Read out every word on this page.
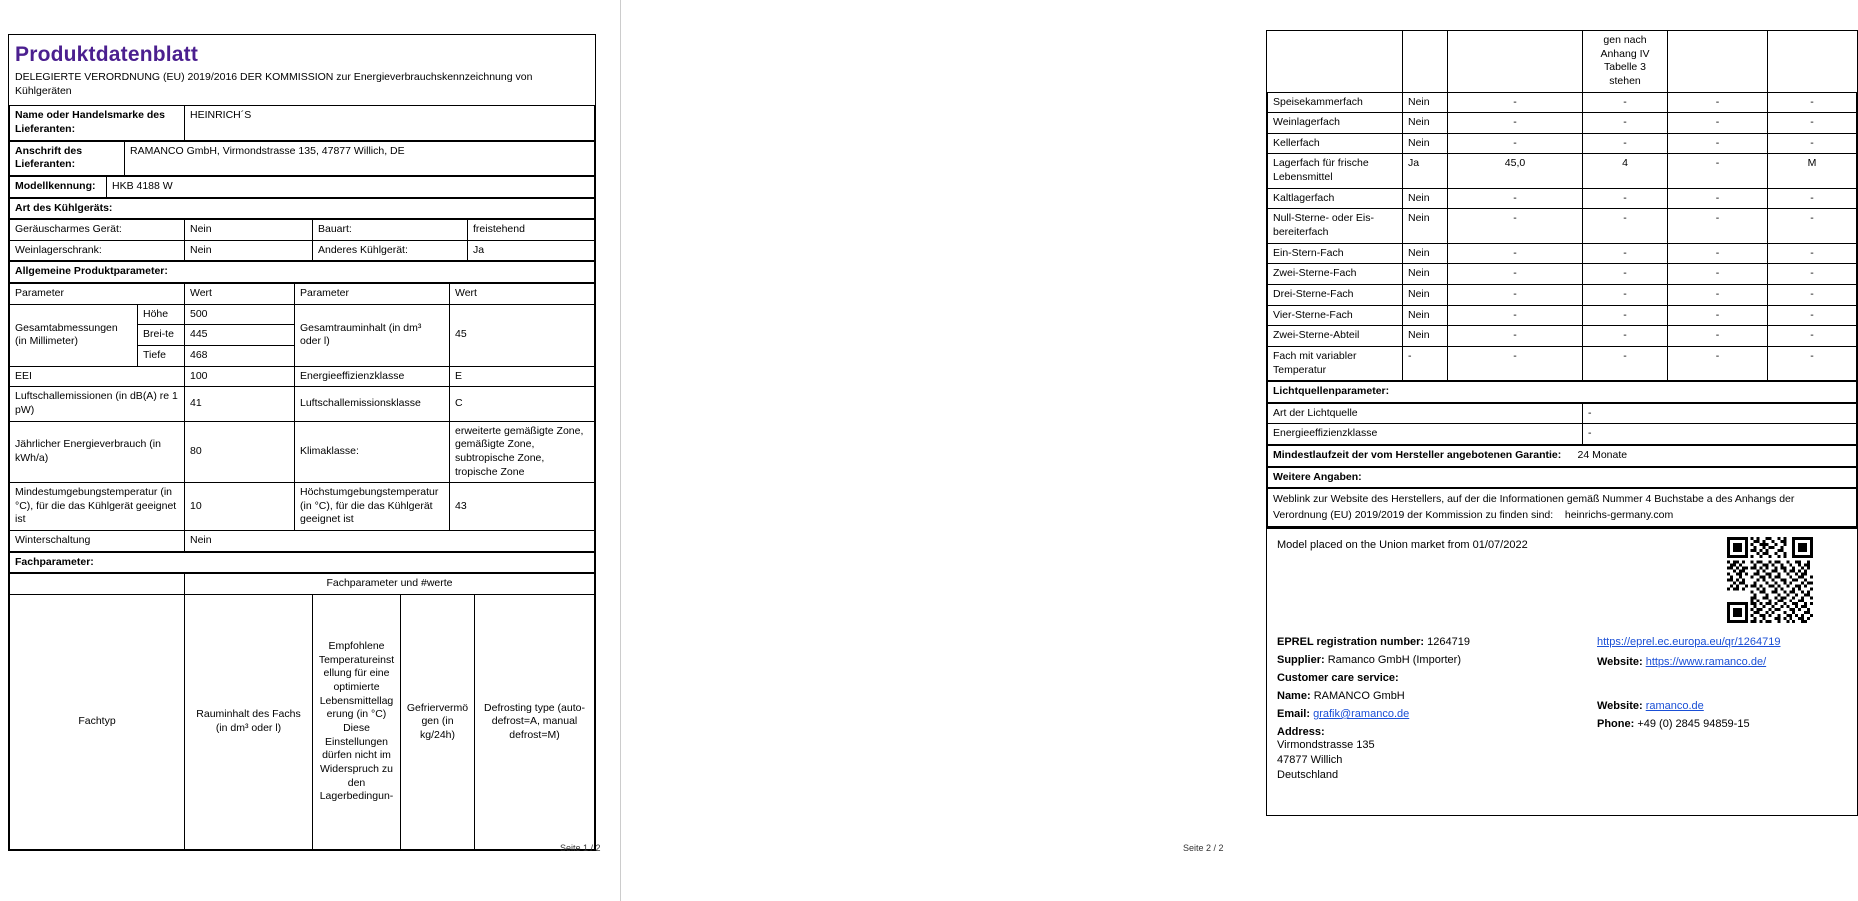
Produktdatenblatt
DELEGIERTE VERORDNUNG (EU) 2019/2016 DER KOMMISSION zur Energieverbrauchskennzeichnung von Kühlgeräten
Name oder Handelsmarke des Lieferanten:	HEINRICH´S
Anschrift des Lieferanten:	RAMANCO GmbH, Virmondstrasse 135, 47877 Willich, DE
Modellkennung:	HKB 4188 W
Art des Kühlgeräts:
Geräuscharmes Gerät:	Nein	Bauart:	freistehend
Weinlagerschrank:	Nein	Anderes Kühlgerät:	Ja
Allgemeine Produktparameter:
Parameter		Wert	Parameter	Wert
Gesamtabmessungen (in Millimeter)	Höhe	500	Gesamtrauminhalt (in dm³ oder l)	45
	Brei-te	445		
	Tiefe	468		
EEI		100	Energieeffizienzklasse	E
Luftschallemissionen (in dB(A) re 1 pW)		41	Luftschallemissionsklasse	C
Jährlicher Energieverbrauch (in kWh/a)		80	Klimaklasse:	erweiterte gemäßigte Zone, gemäßigte Zone, subtropische Zone, tropische Zone
Mindestumgebungstemperatur (in °C), für die das Kühlgerät geeignet ist		10	Höchstumgebungstemperatur (in °C), für die das Kühlgerät geeignet ist	43
Winterschaltung		Nein		
Fachparameter:
	Fachparameter und #werte			
Fachtyp	Rauminhalt des Fachs (in dm³ oder l)	Empfohlene Temperatureinstellung für eine optimierte Lebensmittellagerung (in °C) Diese Einstellungen dürfen nicht im Widerspruch zu den Lagerbedingun-	Gefriervermögen (in kg/24h)	Defrosting type (auto-defrost=A, manual defrost=M)
Seite 1 / 2
			gen nach Anhang IV Tabelle 3 stehen		
Speisekammerfach	Nein	-	-	-	-
Weinlagerfach	Nein	-	-	-	-
Kellerfach	Nein	-	-	-	-
Lagerfach für frische Lebensmittel	Ja	45,0	4	-	M
Kaltlagerfach	Nein	-	-	-	-
Null-Sterne- oder Eis-bereiterfach	Nein	-	-	-	-
Ein-Stern-Fach	Nein	-	-	-	-
Zwei-Sterne-Fach	Nein	-	-	-	-
Drei-Sterne-Fach	Nein	-	-	-	-
Vier-Sterne-Fach	Nein	-	-	-	-
Zwei-Sterne-Abteil	Nein	-	-	-	-
Fach mit variabler Temperatur	-	-	-	-	-
Lichtquellenparameter:
Art der Lichtquelle	-
Energieeffizienzklasse	-
Mindestlaufzeit der vom Hersteller angebotenen Garantie:	24 Monate
Weitere Angaben:
Weblink zur Website des Herstellers, auf der die Informationen gemäß Nummer 4 Buchstabe a des Anhangs der Verordnung (EU) 2019/2019 der Kommission zu finden sind: heinrichs-germany.com
Model placed on the Union market from 01/07/2022
EPREL registration number: 1264719
Supplier: Ramanco GmbH (Importer)
Customer care service:
Name: RAMANCO GmbH
Email: grafik@ramanco.de
Address:
Virmondstrasse 135
47877 Willich
Deutschland
https://eprel.ec.europa.eu/qr/1264719
Website: https://www.ramanco.de/
Website: ramanco.de
Phone: +49 (0) 2845 94859-15
Seite 2 / 2
